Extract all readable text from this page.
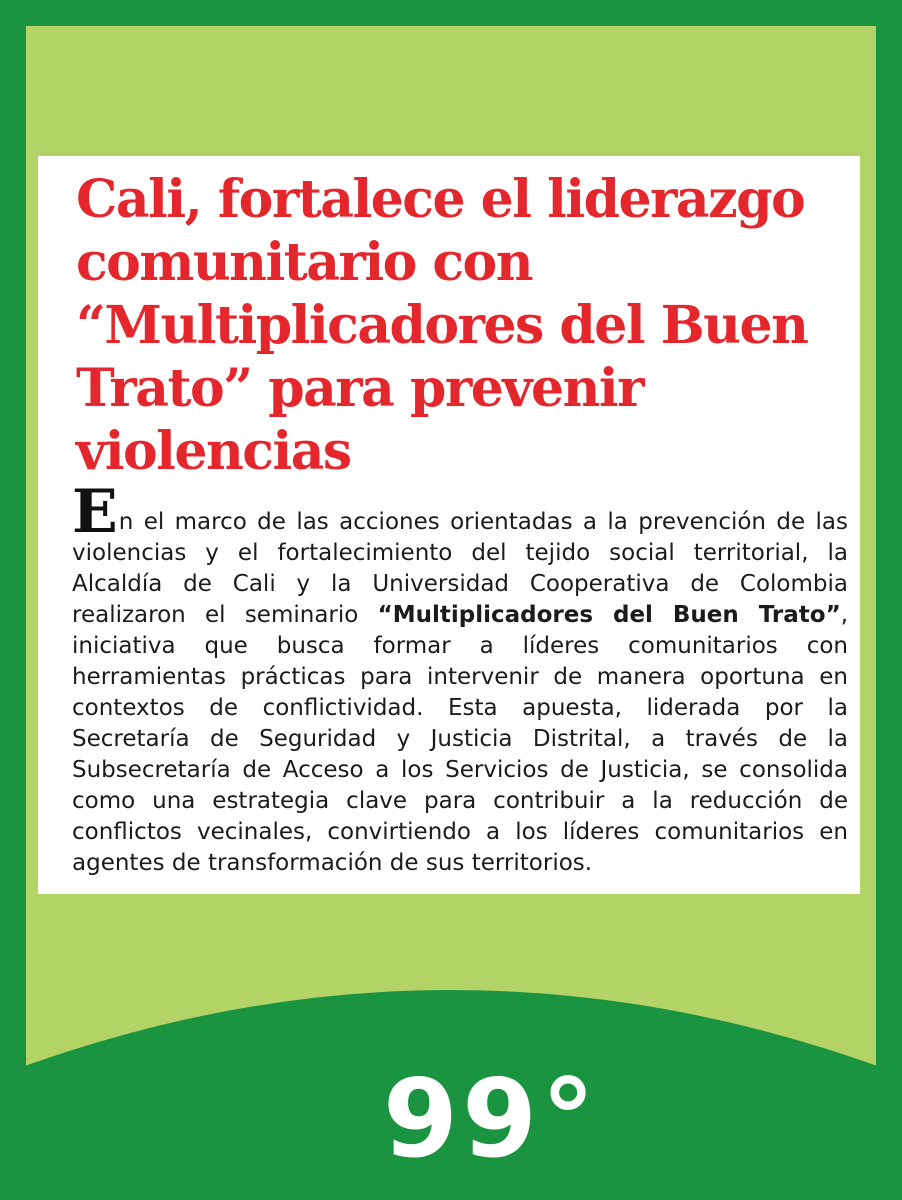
Cali, fortalece el liderazgo comunitario con “Multiplicadores del Buen Trato” para prevenir violencias

En el marco de las acciones orientadas a la prevención de las violencias y el fortalecimiento del tejido social territorial, la Alcaldía de Cali y la Universidad Cooperativa de Colombia realizaron el seminario “Multiplicadores del Buen Trato”, iniciativa que busca formar a líderes comunitarios con herramientas prácticas para intervenir de manera oportuna en contextos de conflictividad. Esta apuesta, liderada por la Secretaría de Seguridad y Justicia Distrital, a través de la Subsecretaría de Acceso a los Servicios de Justicia, se consolida como una estrategia clave para contribuir a la reducción de conflictos vecinales, convirtiendo a los líderes comunitarios en agentes de transformación de sus territorios.

99°
